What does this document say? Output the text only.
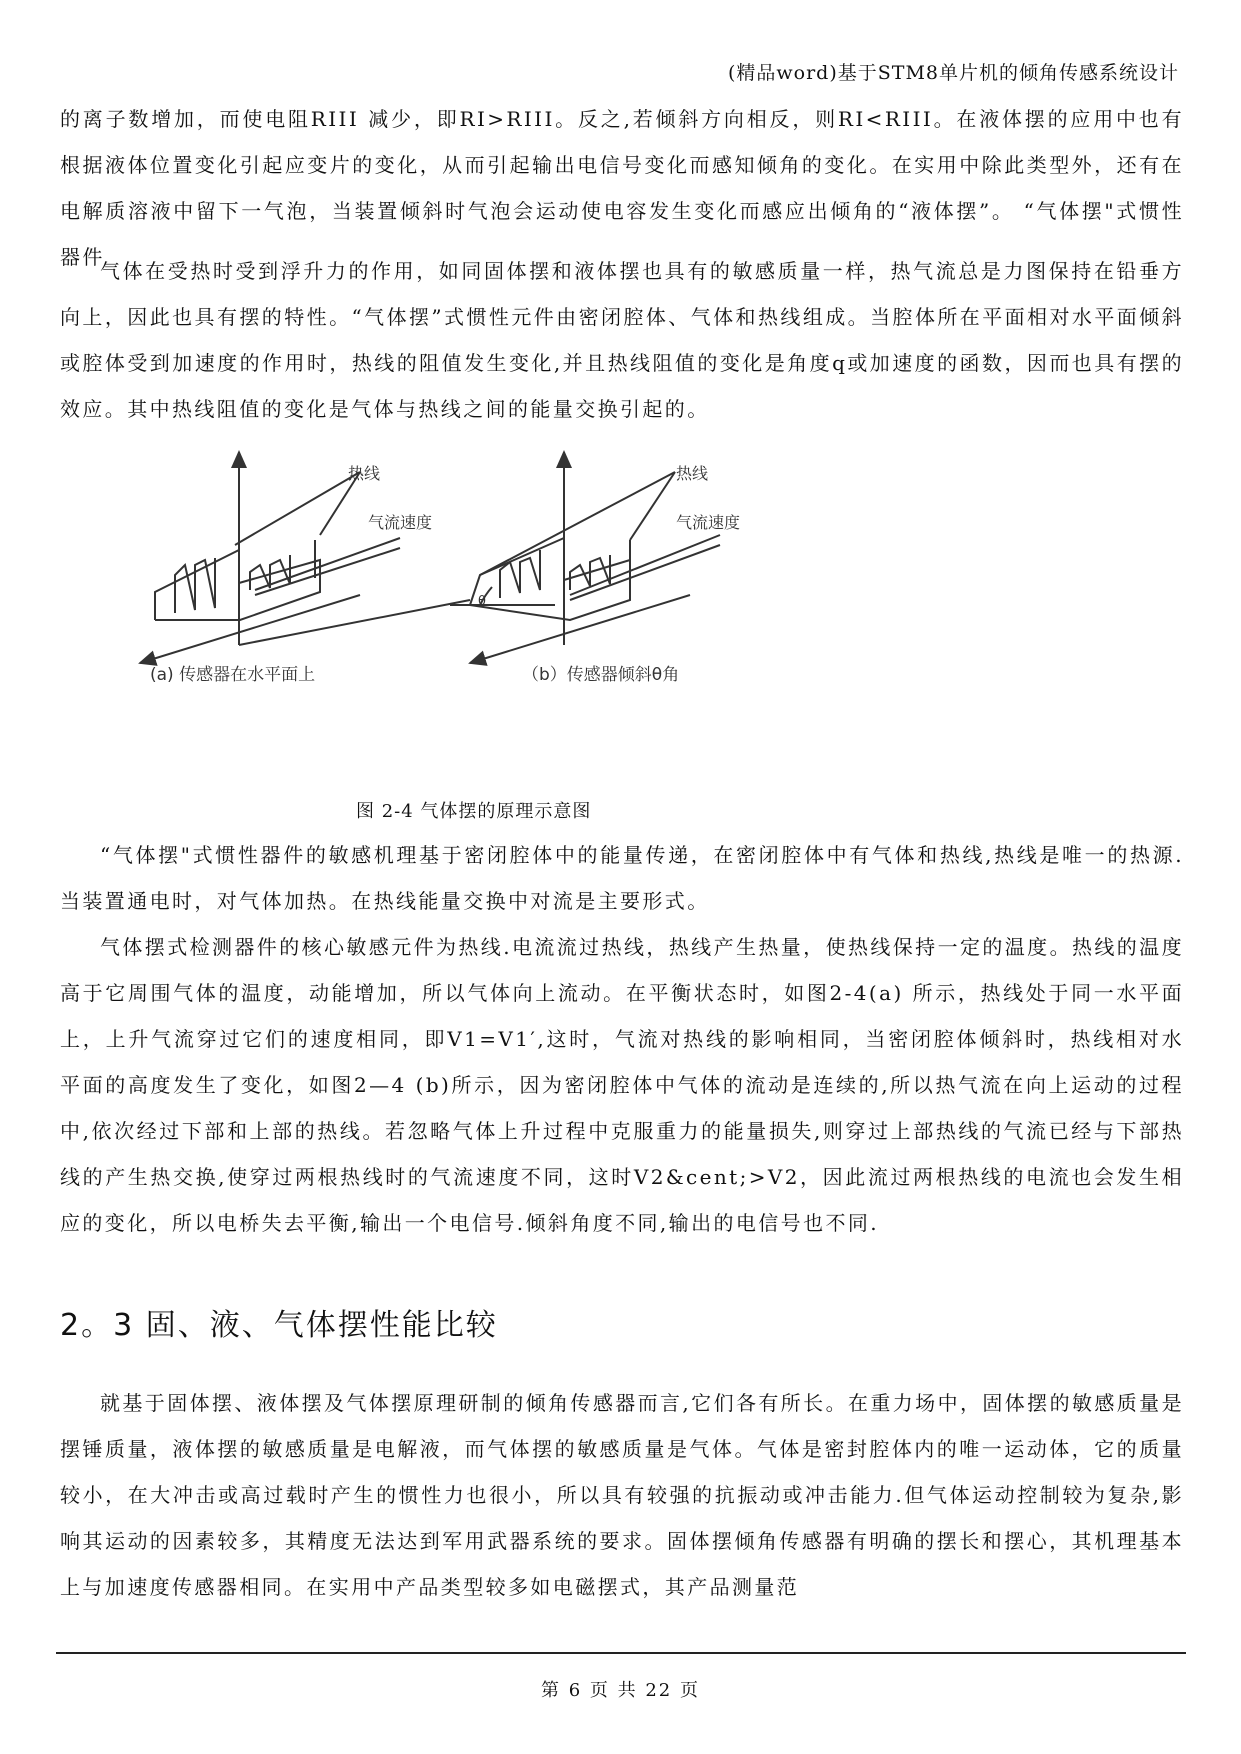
(精品word)基于STM8单片机的倾角传感系统设计

的离子数增加，而使电阻RIII 减少，即RI>RIII。反之,若倾斜方向相反，则RI<RIII。在液体摆的应用中也有根据液体位置变化引起应变片的变化，从而引起输出电信号变化而感知倾角的变化。在实用中除此类型外，还有在电解质溶液中留下一气泡，当装置倾斜时气泡会运动使电容发生变化而感应出倾角的“液体摆”。 “气体摆"式惯性器件

气体在受热时受到浮升力的作用，如同固体摆和液体摆也具有的敏感质量一样，热气流总是力图保持在铅垂方向上，因此也具有摆的特性。“气体摆”式惯性元件由密闭腔体、气体和热线组成。当腔体所在平面相对水平面倾斜或腔体受到加速度的作用时，热线的阻值发生变化,并且热线阻值的变化是角度q或加速度的函数，因而也具有摆的效应。其中热线阻值的变化是气体与热线之间的能量交换引起的。

热线
气流速度
热线
气流速度
θ
(a) 传感器在水平面上	（b）传感器倾斜θ角
图 2-4 气体摆的原理示意图

“气体摆"式惯性器件的敏感机理基于密闭腔体中的能量传递，在密闭腔体中有气体和热线,热线是唯一的热源.当装置通电时，对气体加热。在热线能量交换中对流是主要形式。

气体摆式检测器件的核心敏感元件为热线.电流流过热线，热线产生热量，使热线保持一定的温度。热线的温度高于它周围气体的温度，动能增加，所以气体向上流动。在平衡状态时，如图2-4(a) 所示，热线处于同一水平面上，上升气流穿过它们的速度相同，即V1=V1′,这时，气流对热线的影响相同，当密闭腔体倾斜时，热线相对水平面的高度发生了变化，如图2—4 (b)所示，因为密闭腔体中气体的流动是连续的,所以热气流在向上运动的过程中,依次经过下部和上部的热线。若忽略气体上升过程中克服重力的能量损失,则穿过上部热线的气流已经与下部热线的产生热交换,使穿过两根热线时的气流速度不同，这时V2&cent;>V2，因此流过两根热线的电流也会发生相应的变化，所以电桥失去平衡,输出一个电信号.倾斜角度不同,输出的电信号也不同.

2。3 固、液、气体摆性能比较

就基于固体摆、液体摆及气体摆原理研制的倾角传感器而言,它们各有所长。在重力场中，固体摆的敏感质量是摆锤质量，液体摆的敏感质量是电解液，而气体摆的敏感质量是气体。气体是密封腔体内的唯一运动体，它的质量较小，在大冲击或高过载时产生的惯性力也很小，所以具有较强的抗振动或冲击能力.但气体运动控制较为复杂,影响其运动的因素较多，其精度无法达到军用武器系统的要求。固体摆倾角传感器有明确的摆长和摆心，其机理基本上与加速度传感器相同。在实用中产品类型较多如电磁摆式，其产品测量范

第 6 页 共 22 页
